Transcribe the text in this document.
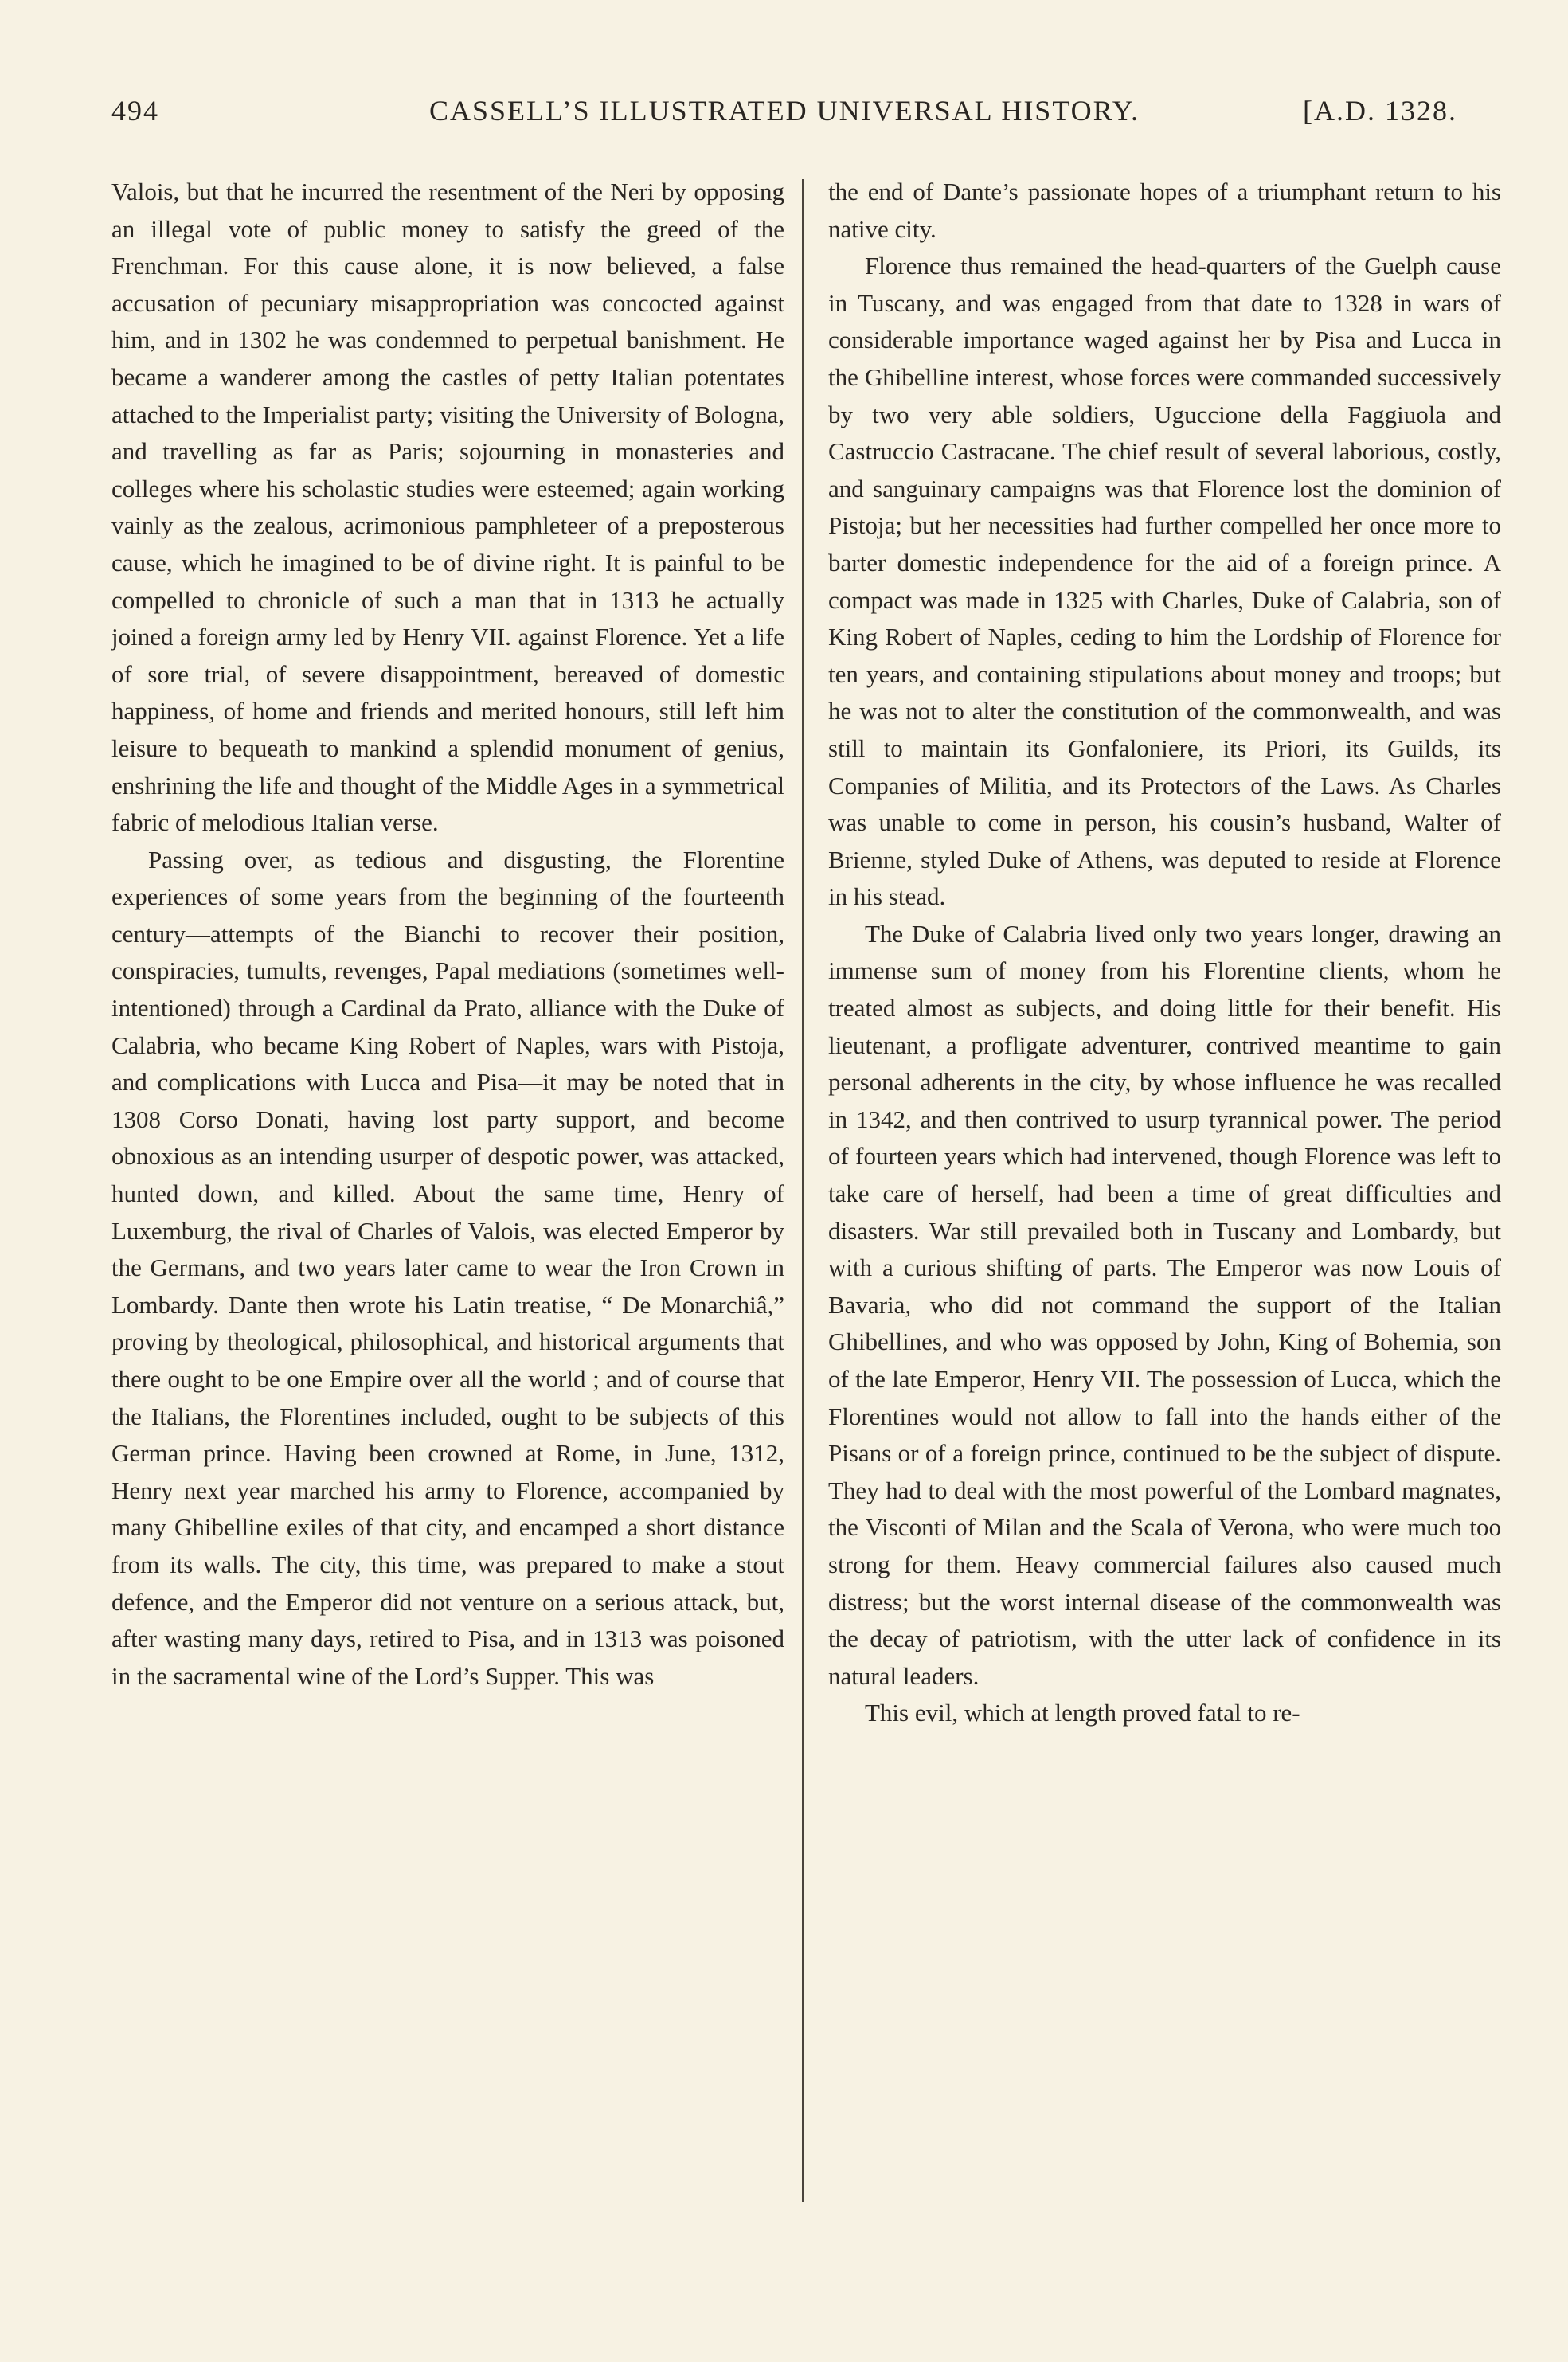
494	CASSELL’S ILLUSTRATED UNIVERSAL HISTORY.	[A.D. 1328.

Valois, but that he incurred the resentment of the Neri by opposing an illegal vote of public money to satisfy the greed of the Frenchman. For this cause alone, it is now believed, a false accusation of pecuniary misappropriation was concocted against him, and in 1302 he was condemned to perpetual banishment. He became a wanderer among the castles of petty Italian potentates attached to the Imperialist party; visiting the University of Bologna, and travelling as far as Paris; sojourning in monasteries and colleges where his scholastic studies were esteemed; again working vainly as the zealous, acrimonious pamphleteer of a preposterous cause, which he imagined to be of divine right. It is painful to be compelled to chronicle of such a man that in 1313 he actually joined a foreign army led by Henry VII. against Florence. Yet a life of sore trial, of severe disappointment, bereaved of domestic happiness, of home and friends and merited honours, still left him leisure to bequeath to mankind a splendid monument of genius, enshrining the life and thought of the Middle Ages in a symmetrical fabric of melodious Italian verse.

Passing over, as tedious and disgusting, the Florentine experiences of some years from the beginning of the fourteenth century—attempts of the Bianchi to recover their position, conspiracies, tumults, revenges, Papal mediations (sometimes well-intentioned) through a Cardinal da Prato, alliance with the Duke of Calabria, who became King Robert of Naples, wars with Pistoja, and complications with Lucca and Pisa—it may be noted that in 1308 Corso Donati, having lost party support, and become obnoxious as an intending usurper of despotic power, was attacked, hunted down, and killed. About the same time, Henry of Luxemburg, the rival of Charles of Valois, was elected Emperor by the Germans, and two years later came to wear the Iron Crown in Lombardy. Dante then wrote his Latin treatise, “ De Monarchiâ,” proving by theological, philosophical, and historical arguments that there ought to be one Empire over all the world ; and of course that the Italians, the Florentines included, ought to be subjects of this German prince. Having been crowned at Rome, in June, 1312, Henry next year marched his army to Florence, accompanied by many Ghibelline exiles of that city, and encamped a short distance from its walls. The city, this time, was prepared to make a stout defence, and the Emperor did not venture on a serious attack, but, after wasting many days, retired to Pisa, and in 1313 was poisoned in the sacramental wine of the Lord’s Supper. This was

the end of Dante’s passionate hopes of a triumphant return to his native city.

Florence thus remained the head-quarters of the Guelph cause in Tuscany, and was engaged from that date to 1328 in wars of considerable importance waged against her by Pisa and Lucca in the Ghibelline interest, whose forces were commanded successively by two very able soldiers, Uguccione della Faggiuola and Castruccio Castracane. The chief result of several laborious, costly, and sanguinary campaigns was that Florence lost the dominion of Pistoja; but her necessities had further compelled her once more to barter domestic independence for the aid of a foreign prince. A compact was made in 1325 with Charles, Duke of Calabria, son of King Robert of Naples, ceding to him the Lordship of Florence for ten years, and containing stipulations about money and troops; but he was not to alter the constitution of the commonwealth, and was still to maintain its Gonfaloniere, its Priori, its Guilds, its Companies of Militia, and its Protectors of the Laws. As Charles was unable to come in person, his cousin’s husband, Walter of Brienne, styled Duke of Athens, was deputed to reside at Florence in his stead.

The Duke of Calabria lived only two years longer, drawing an immense sum of money from his Florentine clients, whom he treated almost as subjects, and doing little for their benefit. His lieutenant, a profligate adventurer, contrived meantime to gain personal adherents in the city, by whose influence he was recalled in 1342, and then contrived to usurp tyrannical power. The period of fourteen years which had intervened, though Florence was left to take care of herself, had been a time of great difficulties and disasters. War still prevailed both in Tuscany and Lombardy, but with a curious shifting of parts. The Emperor was now Louis of Bavaria, who did not command the support of the Italian Ghibellines, and who was opposed by John, King of Bohemia, son of the late Emperor, Henry VII. The possession of Lucca, which the Florentines would not allow to fall into the hands either of the Pisans or of a foreign prince, continued to be the subject of dispute. They had to deal with the most powerful of the Lombard magnates, the Visconti of Milan and the Scala of Verona, who were much too strong for them. Heavy commercial failures also caused much distress; but the worst internal disease of the commonwealth was the decay of patriotism, with the utter lack of confidence in its natural leaders.

This evil, which at length proved fatal to re-
